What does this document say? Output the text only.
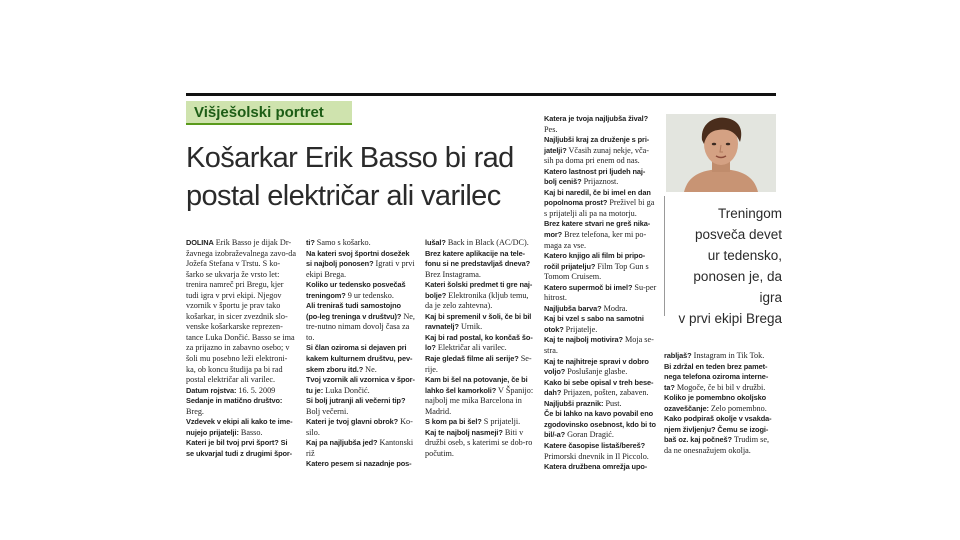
Višješolski portret
Košarkar Erik Basso bi rad
postal električar ali varilec

DOLINA Erik Basso je dijak Dr-žavnega izobraževalnega zavo-da Jožefa Stefana v Trstu. S ko-šarko se ukvarja že vrsto let: trenira namreč pri Bregu, kjer tudi igra v prvi ekipi. Njegov vzornik v športu je prav tako košarkar, in sicer zvezdnik slo-venske košarkarske reprezen-tance Luka Dončić. Basso se ima za prijazno in zabavno osebo; v šoli mu posebno leži elektroni-ka, ob koncu študija pa bi rad postal električar ali varilec.
Datum rojstva: 16. 5. 2009
Sedanje in matično društvo: Breg.
Vzdevek v ekipi ali kako te ime-nujejo prijatelji: Basso.
Kateri je bil tvoj prvi šport? Si se ukvarjal tudi z drugimi špor-

ti? Samo s košarko.
Na kateri svoj športni dosežek si najbolj ponosen? Igrati v prvi ekipi Brega.
Koliko ur tedensko posvečaš treningom? 9 ur tedensko.
Ali treniraš tudi samostojno (po-leg treninga v društvu)? Ne, tre-nutno nimam dovolj časa za to.
Si član oziroma si dejaven pri kakem kulturnem društvu, pev-skem zboru itd.? Ne.
Tvoj vzornik ali vzornica v špor-tu je: Luka Dončić.
Si bolj jutranji ali večerni tip? Bolj večerni.
Kateri je tvoj glavni obrok? Ko-silo.
Kaj pa najljubša jed? Kantonski riž
Katero pesem si nazadnje pos-

lušal? Back in Black (AC/DC).
Brez katere aplikacije na tele-fonu si ne predstavljaš dneva? Brez Instagrama.
Kateri šolski predmet ti gre naj-bolje? Elektronika (kljub temu, da je zelo zahtevna).
Kaj bi spremenil v šoli, če bi bil ravnatelj? Urnik.
Kaj bi rad postal, ko končaš šo-lo? Električar ali varilec.
Raje gledaš filme ali serije? Se-rije.
Kam bi šel na potovanje, če bi lahko šel kamorkoli? V Španijo: najbolj me mika Barcelona in Madrid.
S kom pa bi šel? S prijatelji.
Kaj te najbolj nasmeji? Biti v družbi oseb, s katerimi se dob-ro počutim.

Katera je tvoja najljubša žival? Pes.
Najljubši kraj za druženje s pri-jatelji? Včasih zunaj nekje, vča-sih pa doma pri enem od nas.
Katero lastnost pri ljudeh naj-bolj ceniš? Prijaznost.
Kaj bi naredil, če bi imel en dan popolnoma prost? Preživel bi ga s prijatelji ali pa na motorju.
Brez katere stvari ne greš nika-mor? Brez telefona, ker mi po-maga za vse.
Katero knjigo ali film bi pripo-ročil prijatelju? Film Top Gun s Tomom Cruisem.
Katero supermoč bi imel? Su-per hitrost.
Najljubša barva? Modra.
Kaj bi vzel s sabo na samotni otok? Prijatelje.
Kaj te najbolj motivira? Moja se-stra.
Kaj te najhitreje spravi v dobro voljo? Poslušanje glasbe.
Kako bi sebe opisal v treh bese-dah? Prijazen, pošten, zabaven.
Najljubši praznik: Pust.
Če bi lahko na kavo povabil eno zgodovinsko osebnost, kdo bi to bil/-a? Goran Dragić.
Katere časopise listaš/bereš? Primorski dnevnik in Il Piccolo.
Katera družbena omrežja upo-

Treningom
posveča devet
ur tedensko,
ponosen je, da igra
v prvi ekipi Brega

rabljaš? Instagram in Tik Tok.
Bi zdržal en teden brez pamet-nega telefona oziroma interne-ta? Mogoče, če bi bil v družbi.
Koliko je pomembno okoljsko ozaveščanje: Zelo pomembno.
Kako podpiraš okolje v vsakda-njem življenju? Čemu se izogi-baš oz. kaj počneš? Trudim se, da ne onesnažujem okolja.
